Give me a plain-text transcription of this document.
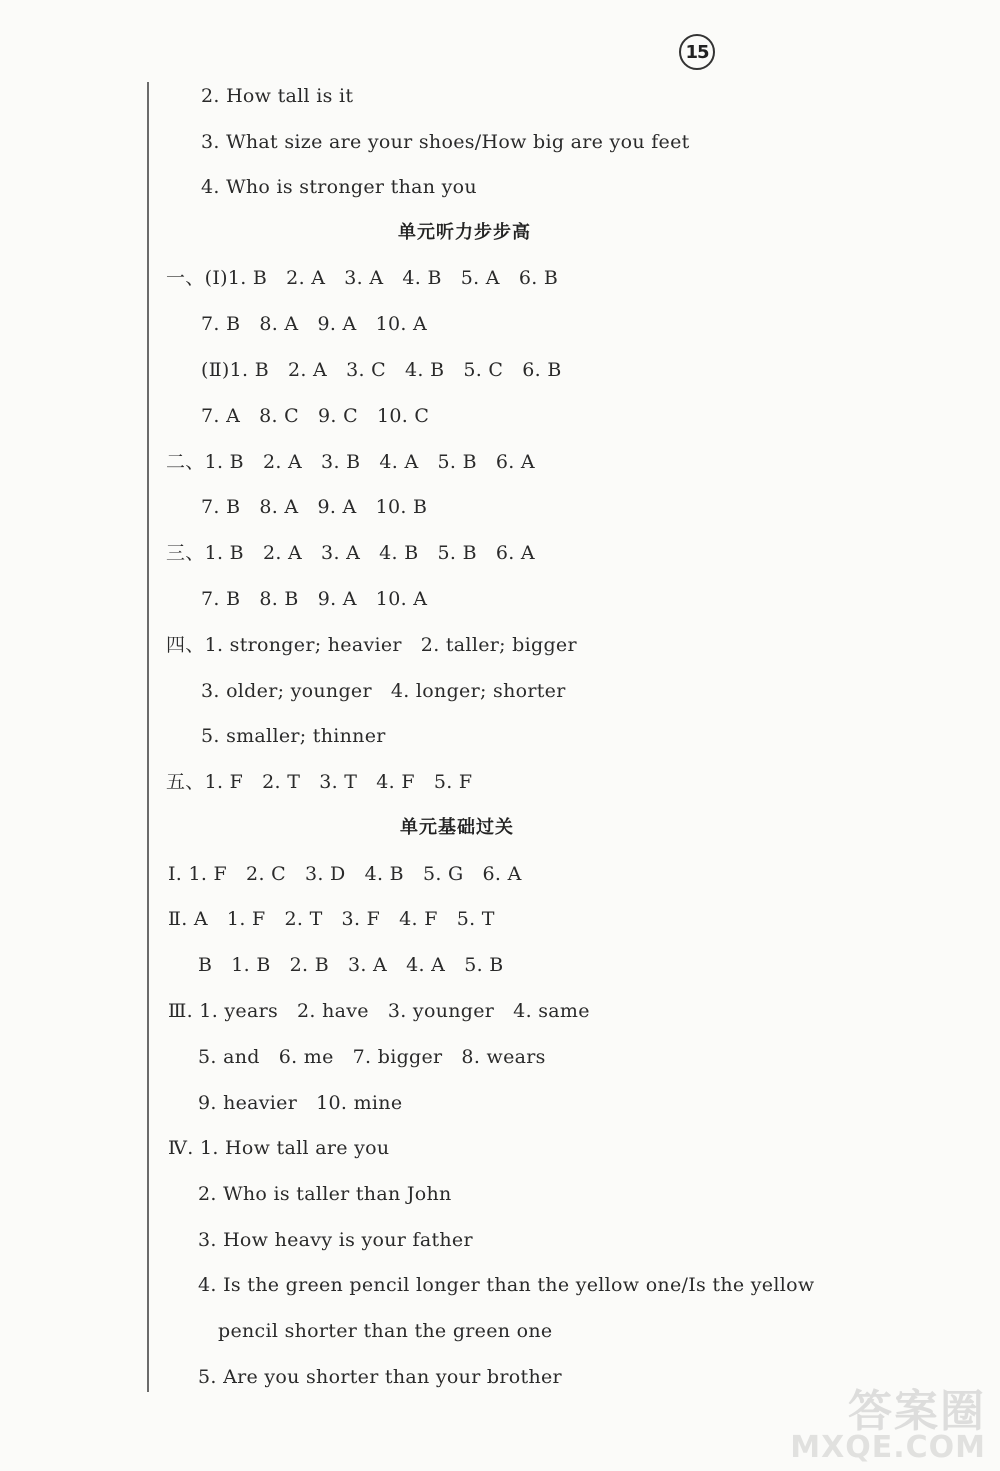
15
2. How tall is it
3. What size are your shoes/How big are you feet
4. Who is stronger than you
单元听力步步高
一、(Ⅰ)1. B   2. A   3. A   4. B   5. A   6. B
7. B   8. A   9. A   10. A
(Ⅱ)1. B   2. A   3. C   4. B   5. C   6. B
7. A   8. C   9. C   10. C
二、1. B   2. A   3. B   4. A   5. B   6. A
7. B   8. A   9. A   10. B
三、1. B   2. A   3. A   4. B   5. B   6. A
7. B   8. B   9. A   10. A
四、1. stronger; heavier   2. taller; bigger
3. older; younger   4. longer; shorter
5. smaller; thinner
五、1. F   2. T   3. T   4. F   5. F
单元基础过关
Ⅰ. 1. F   2. C   3. D   4. B   5. G   6. A
Ⅱ. A   1. F   2. T   3. F   4. F   5. T
B   1. B   2. B   3. A   4. A   5. B
Ⅲ. 1. years   2. have   3. younger   4. same
5. and   6. me   7. bigger   8. wears
9. heavier   10. mine
Ⅳ. 1. How tall are you
2. Who is taller than John
3. How heavy is your father
4. Is the green pencil longer than the yellow one/Is the yellow
pencil shorter than the green one
5. Are you shorter than your brother
答案圈
MXQE.COM
